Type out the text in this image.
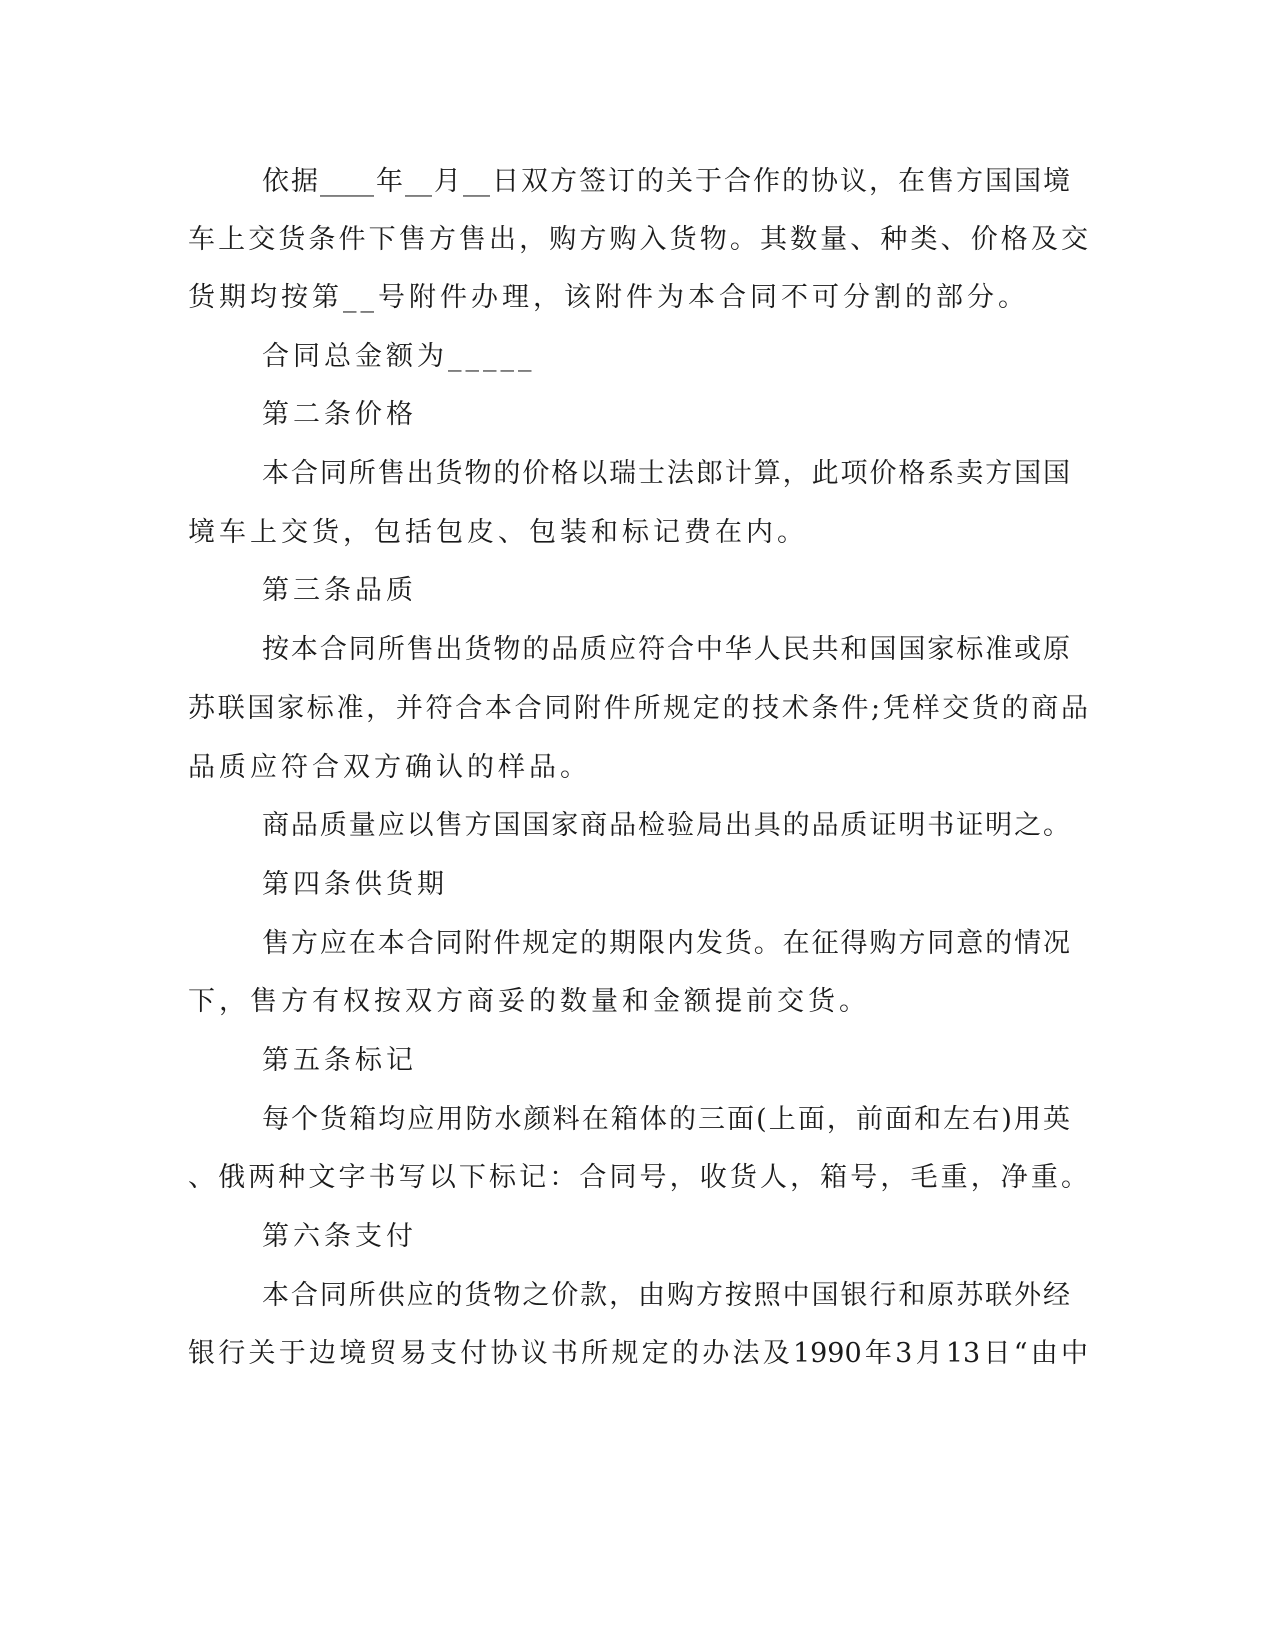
依据____年__月__日双方签订的关于合作的协议，在售方国国境
车上交货条件下售方售出，购方购入货物。其数量、种类、价格及交
货期均按第__号附件办理，该附件为本合同不可分割的部分。
合同总金额为_____
第二条价格
本合同所售出货物的价格以瑞士法郎计算，此项价格系卖方国国
境车上交货，包括包皮、包装和标记费在内。
第三条品质
按本合同所售出货物的品质应符合中华人民共和国国家标准或原
苏联国家标准，并符合本合同附件所规定的技术条件;凭样交货的商品
品质应符合双方确认的样品。
商品质量应以售方国国家商品检验局出具的品质证明书证明之。
第四条供货期
售方应在本合同附件规定的期限内发货。在征得购方同意的情况
下，售方有权按双方商妥的数量和金额提前交货。
第五条标记
每个货箱均应用防水颜料在箱体的三面(上面，前面和左右)用英
、俄两种文字书写以下标记：合同号，收货人，箱号，毛重，净重。
第六条支付
本合同所供应的货物之价款，由购方按照中国银行和原苏联外经
银行关于边境贸易支付协议书所规定的办法及1990年3月13日“由中
